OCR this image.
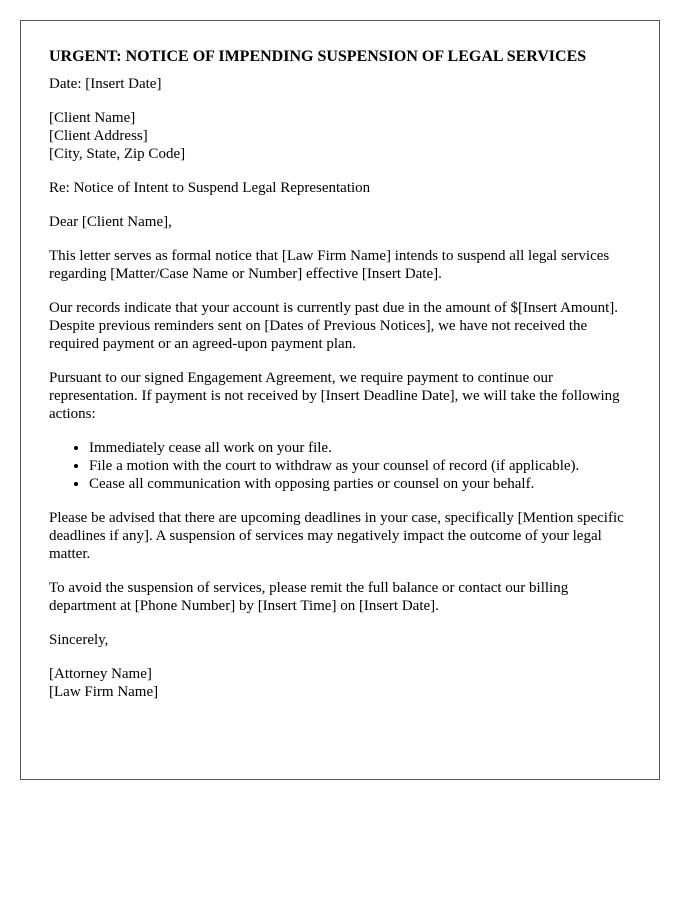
URGENT: NOTICE OF IMPENDING SUSPENSION OF LEGAL SERVICES

Date: [Insert Date]

[Client Name]
[Client Address]
[City, State, Zip Code]

Re: Notice of Intent to Suspend Legal Representation

Dear [Client Name],

This letter serves as formal notice that [Law Firm Name] intends to suspend all legal services regarding [Matter/Case Name or Number] effective [Insert Date].

Our records indicate that your account is currently past due in the amount of $[Insert Amount]. Despite previous reminders sent on [Dates of Previous Notices], we have not received the required payment or an agreed-upon payment plan.

Pursuant to our signed Engagement Agreement, we require payment to continue our representation. If payment is not received by [Insert Deadline Date], we will take the following actions:

• Immediately cease all work on your file.
• File a motion with the court to withdraw as your counsel of record (if applicable).
• Cease all communication with opposing parties or counsel on your behalf.

Please be advised that there are upcoming deadlines in your case, specifically [Mention specific deadlines if any]. A suspension of services may negatively impact the outcome of your legal matter.

To avoid the suspension of services, please remit the full balance or contact our billing department at [Phone Number] by [Insert Time] on [Insert Date].

Sincerely,

[Attorney Name]
[Law Firm Name]
